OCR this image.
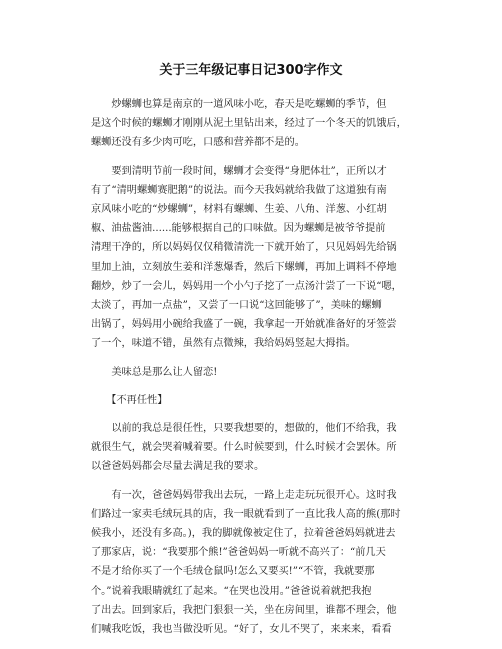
关于三年级记事日记300字作文

　　炒螺蛳也算是南京的一道风味小吃，春天是吃螺蛳的季节，但
是这个时候的螺蛳才刚刚从泥土里钻出来，经过了一个冬天的饥饿后，
螺蛳还没有多少肉可吃，口感和营养都不是的。

　　要到清明节前一段时间，螺蛳才会变得“身肥体壮”，正所以才
有了“清明螺蛳赛肥鹅”的说法。而今天我妈就给我做了这道独有南
京风味小吃的“炒螺蛳”，材料有螺蛳、生姜、八角、洋葱、小红胡
椒、油盐酱油......能够根据自己的口味做。因为螺蛳是被爷爷提前
清理干净的，所以妈妈仅仅稍微清洗一下就开始了，只见妈妈先给锅
里加上油，立刻放生姜和洋葱爆香，然后下螺蛳，再加上调料不停地
翻炒，炒了一会儿，妈妈用一个小勺子挖了一点汤汁尝了一下说“嗯，
太淡了，再加一点盐”，又尝了一口说“这回能够了”，美味的螺蛳
出锅了，妈妈用小碗给我盛了一碗，我拿起一开始就准备好的牙签尝
了一个，味道不错，虽然有点微辣，我给妈妈竖起大拇指。

　　美味总是那么让人留恋!

　　【不再任性】

　　以前的我总是很任性，只要我想要的，想做的，他们不给我，我
就很生气，就会哭着喊着要。什么时候要到，什么时候才会罢休。所
以爸爸妈妈都会尽量去满足我的要求。

　　有一次，爸爸妈妈带我出去玩，一路上走走玩玩很开心。这时我
们路过一家卖毛绒玩具的店，我一眼就看到了一直比我人高的熊(那时
候我小，还没有多高。)，我的脚就像被定住了，拉着爸爸妈妈就进去
了那家店，说：“我要那个熊!”爸爸妈妈一听就不高兴了：“前几天
不是才给你买了一个毛绒仓鼠吗!怎么又要买!”“不管，我就要那
个。”说着我眼睛就红了起来。“在哭也没用。”爸爸说着就把我抱
了出去。回到家后，我把门狠狠一关，坐在房间里，谁都不理会，他
们喊我吃饭，我也当做没听见。“好了，女儿不哭了，来来来，看看
